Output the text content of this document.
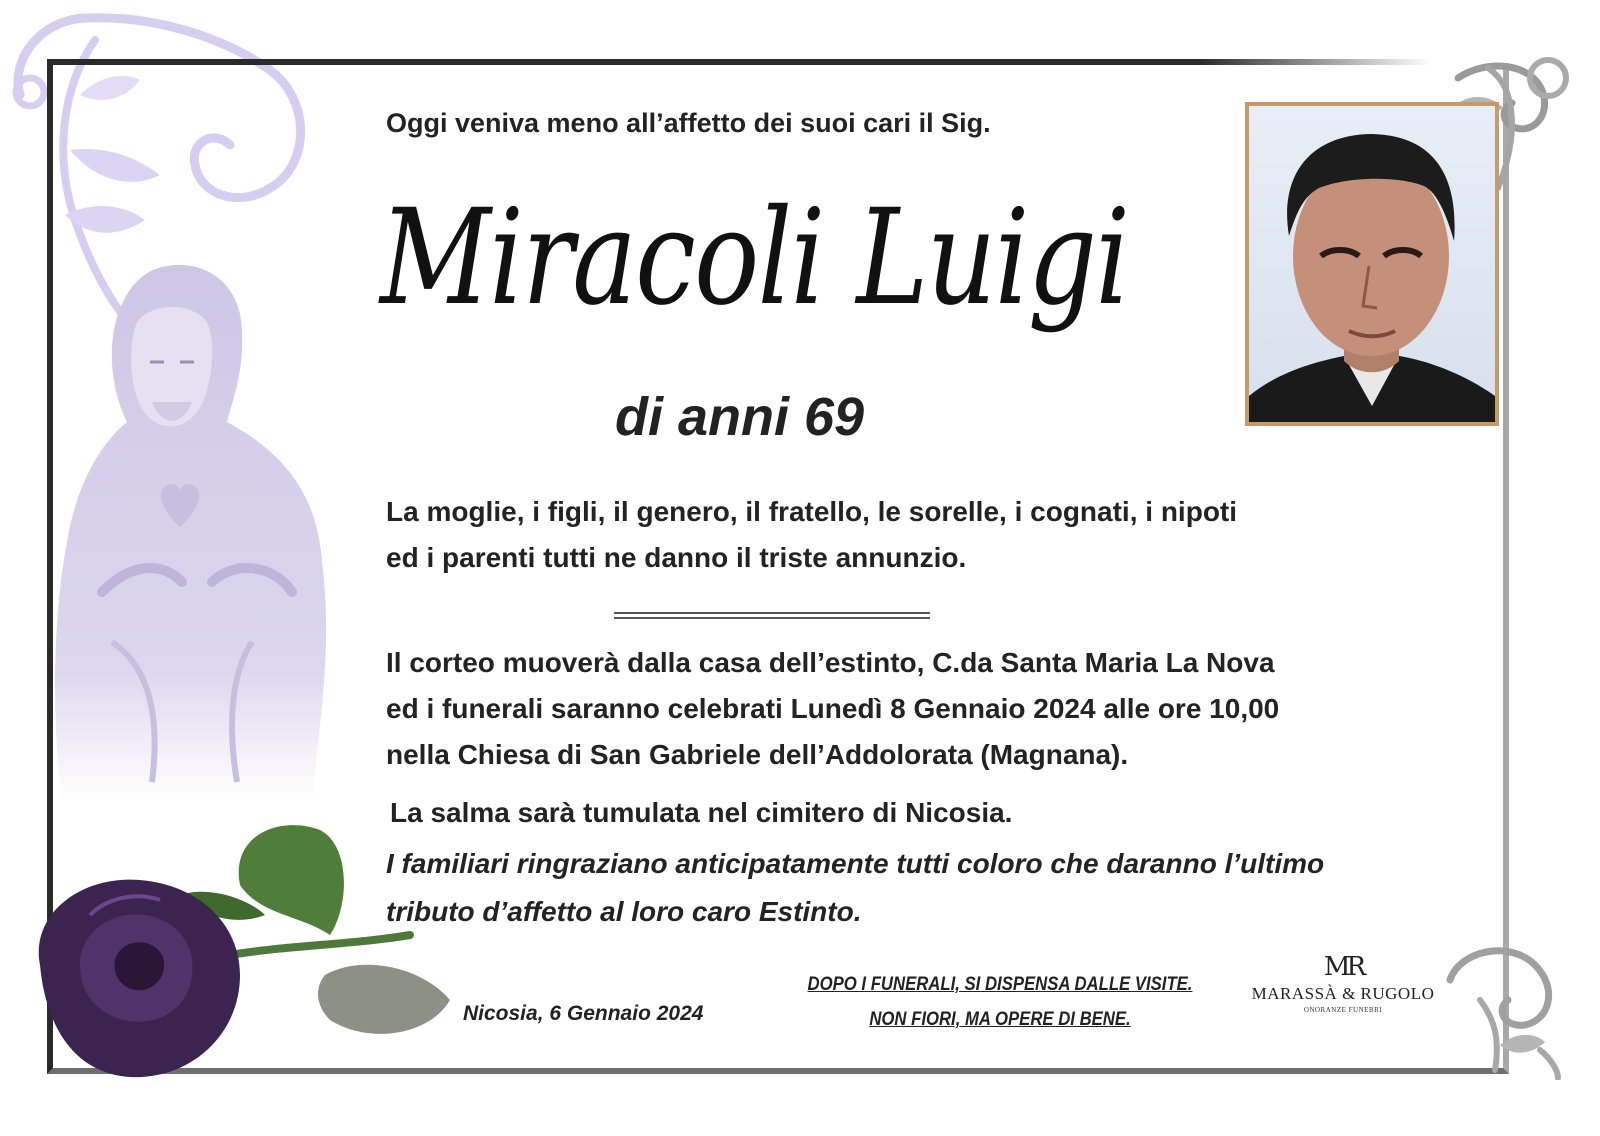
Oggi veniva meno all’affetto dei suoi cari il Sig.
Miracoli Luigi
di anni 69
La moglie, i figli, il genero, il fratello, le sorelle, i cognati, i nipoti
ed i parenti tutti ne danno il triste annunzio.
Il corteo muoverà dalla casa dell’estinto, C.da Santa Maria La Nova
ed i funerali saranno celebrati Lunedì 8 Gennaio 2024 alle ore 10,00
nella Chiesa di San Gabriele dell’Addolorata (Magnana).
La salma sarà tumulata nel cimitero di Nicosia.
I familiari ringraziano anticipatamente tutti coloro che daranno l’ultimo
tributo d’affetto al loro caro Estinto.
Nicosia, 6 Gennaio 2024
DOPO I FUNERALI, SI DISPENSA DALLE VISITE.
NON FIORI, MA OPERE DI BENE.
MR
MARASSÀ & RUGOLO
ONORANZE FUNEBRI
